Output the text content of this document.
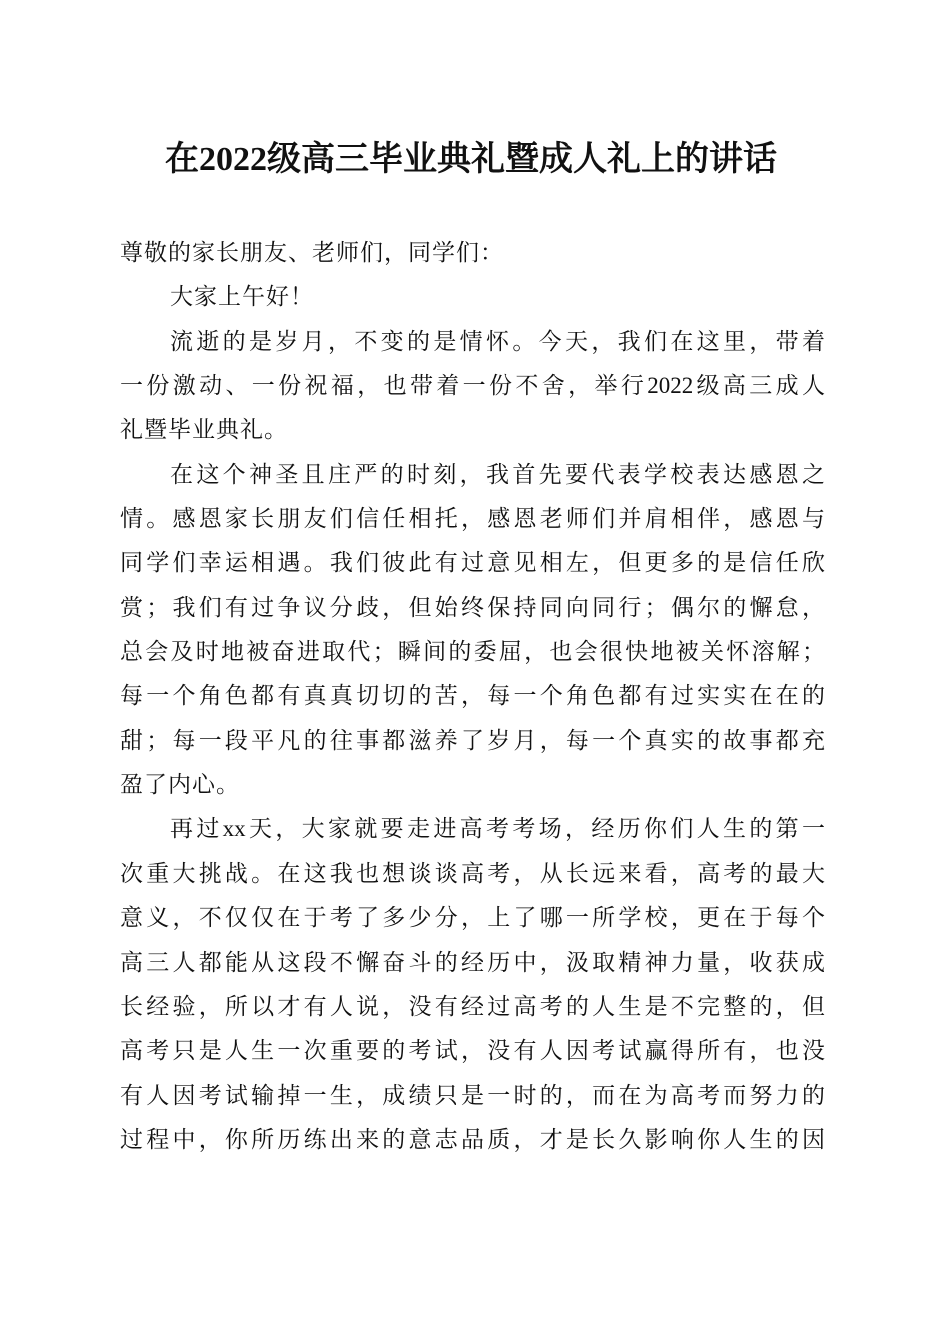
在2022级高三毕业典礼暨成人礼上的讲话
尊敬的家长朋友、老师们，同学们：
大家上午好！
流逝的是岁月，不变的是情怀。今天，我们在这里，带着
一份激动、一份祝福，也带着一份不舍，举行2022级高三成人
礼暨毕业典礼。
在这个神圣且庄严的时刻，我首先要代表学校表达感恩之
情。感恩家长朋友们信任相托，感恩老师们并肩相伴，感恩与
同学们幸运相遇。我们彼此有过意见相左，但更多的是信任欣
赏；我们有过争议分歧，但始终保持同向同行；偶尔的懈怠，
总会及时地被奋进取代；瞬间的委屈，也会很快地被关怀溶解；
每一个角色都有真真切切的苦，每一个角色都有过实实在在的
甜；每一段平凡的往事都滋养了岁月，每一个真实的故事都充
盈了内心。
再过xx天，大家就要走进高考考场，经历你们人生的第一
次重大挑战。在这我也想谈谈高考，从长远来看，高考的最大
意义，不仅仅在于考了多少分，上了哪一所学校，更在于每个
高三人都能从这段不懈奋斗的经历中，汲取精神力量，收获成
长经验，所以才有人说，没有经过高考的人生是不完整的，但
高考只是人生一次重要的考试，没有人因考试赢得所有，也没
有人因考试输掉一生，成绩只是一时的，而在为高考而努力的
过程中，你所历练出来的意志品质，才是长久影响你人生的因
